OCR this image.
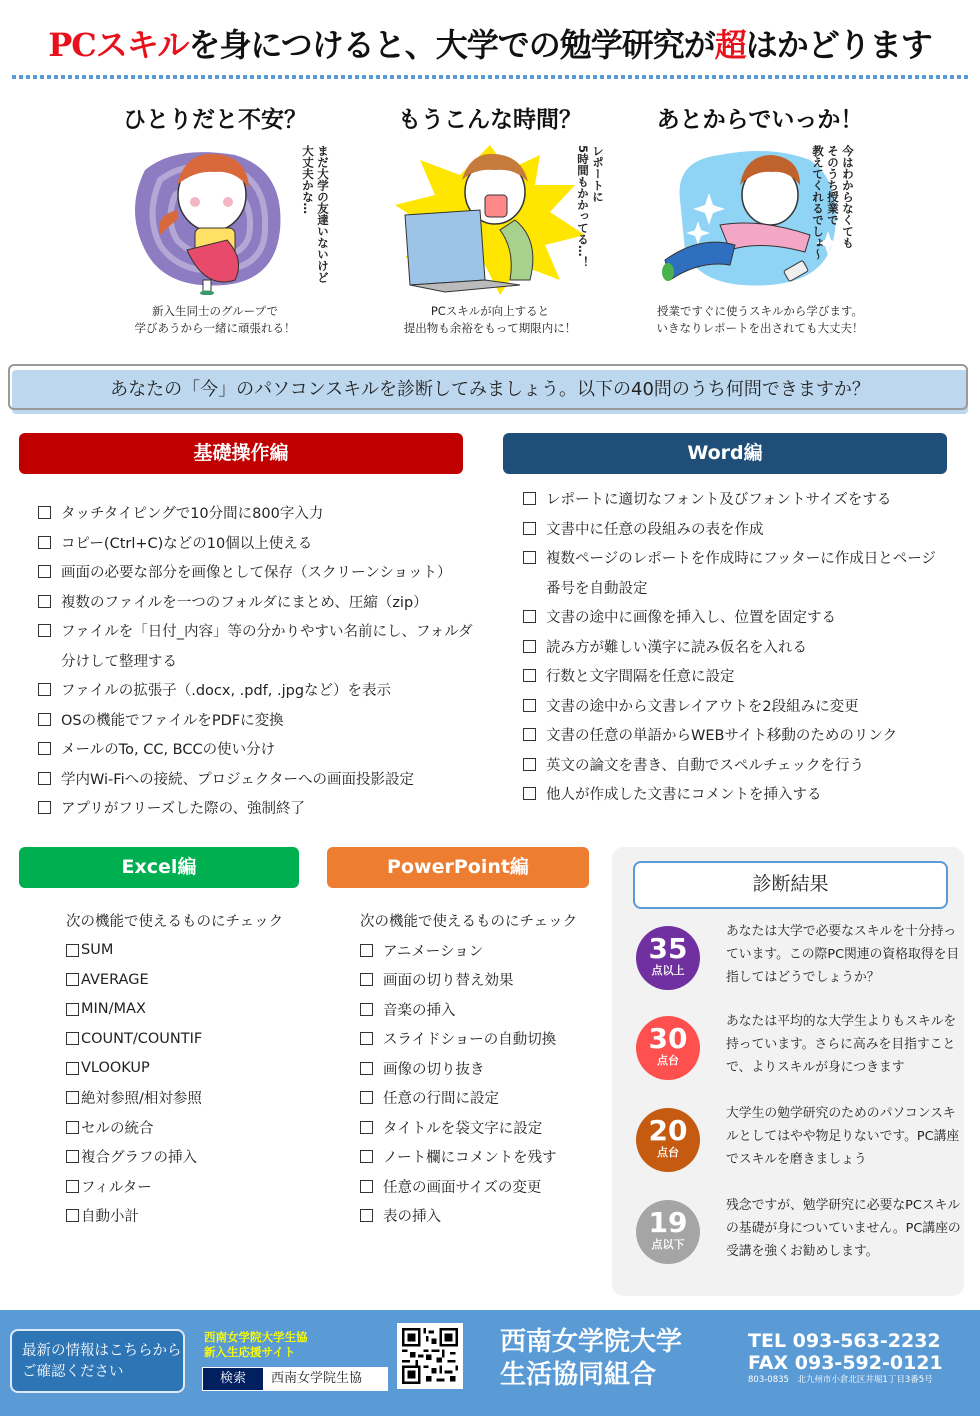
PCスキルを身につけると、大学での勉学研究が超はかどります
ひとりだと不安？
まだ大学の友達いないけど
大丈夫かな…
新入生同士のグループで
学びあうから一緒に頑張れる！
もうこんな時間？
レポートに
5時間もかかってる…！
PCスキルが向上すると
提出物も余裕をもって期限内に！
あとからでいっか！
今はわからなくても
そのうち授業で
教えてくれるでしょ～
授業ですぐに使うスキルから学びます。
いきなりレポートを出されても大丈夫！
あなたの「今」のパソコンスキルを診断してみましょう。以下の40問のうち何問できますか？
基礎操作編
タッチタイピングで10分間に800字入力
コピー(Ctrl+C)などの10個以上使える
画面の必要な部分を画像として保存（スクリーンショット）
複数のファイルを一つのフォルダにまとめ、圧縮（zip）
ファイルを「日付_内容」等の分かりやすい名前にし、フォルダ
分けして整理する
ファイルの拡張子（.docx, .pdf, .jpgなど）を表示
OSの機能でファイルをPDFに変換
メールのTo, CC, BCCの使い分け
学内Wi-Fiへの接続、プロジェクターへの画面投影設定
アプリがフリーズした際の、強制終了
Word編
レポートに適切なフォント及びフォントサイズをする
文書中に任意の段組みの表を作成
複数ページのレポートを作成時にフッターに作成日とページ
番号を自動設定
文書の途中に画像を挿入し、位置を固定する
読み方が難しい漢字に読み仮名を入れる
行数と文字間隔を任意に設定
文書の途中から文書レイアウトを2段組みに変更
文書の任意の単語からWEBサイト移動のためのリンク
英文の論文を書き、自動でスペルチェックを行う
他人が作成した文書にコメントを挿入する
Excel編
次の機能で使えるものにチェック
SUM
AVERAGE
MIN/MAX
COUNT/COUNTIF
VLOOKUP
絶対参照/相対参照
セルの統合
複合グラフの挿入
フィルター
自動小計
PowerPoint編
次の機能で使えるものにチェック
アニメーション
画面の切り替え効果
音楽の挿入
スライドショーの自動切換
画像の切り抜き
任意の行間に設定
タイトルを袋文字に設定
ノート欄にコメントを残す
任意の画面サイズの変更
表の挿入
診断結果
35
点以上
あなたは大学で必要なスキルを十分持っています。この際PC関連の資格取得を目指してはどうでしょうか？
30
点台
あなたは平均的な大学生よりもスキルを持っています。さらに高みを目指すことで、よりスキルが身につきます
20
点台
大学生の勉学研究のためのパソコンスキルとしてはやや物足りないです。PC講座でスキルを磨きましょう
19
点以下
残念ですが、勉学研究に必要なPCスキルの基礎が身についていません。PC講座の受講を強くお勧めします。
最新の情報はこちらから
ご確認ください
西南女学院大学生協
新入生応援サイト
検索	西南女学院生協
西南女学院大学
生活協同組合
TEL 093-563-2232
FAX 093-592-0121
803-0835　北九州市小倉北区井堀1丁目3番5号
